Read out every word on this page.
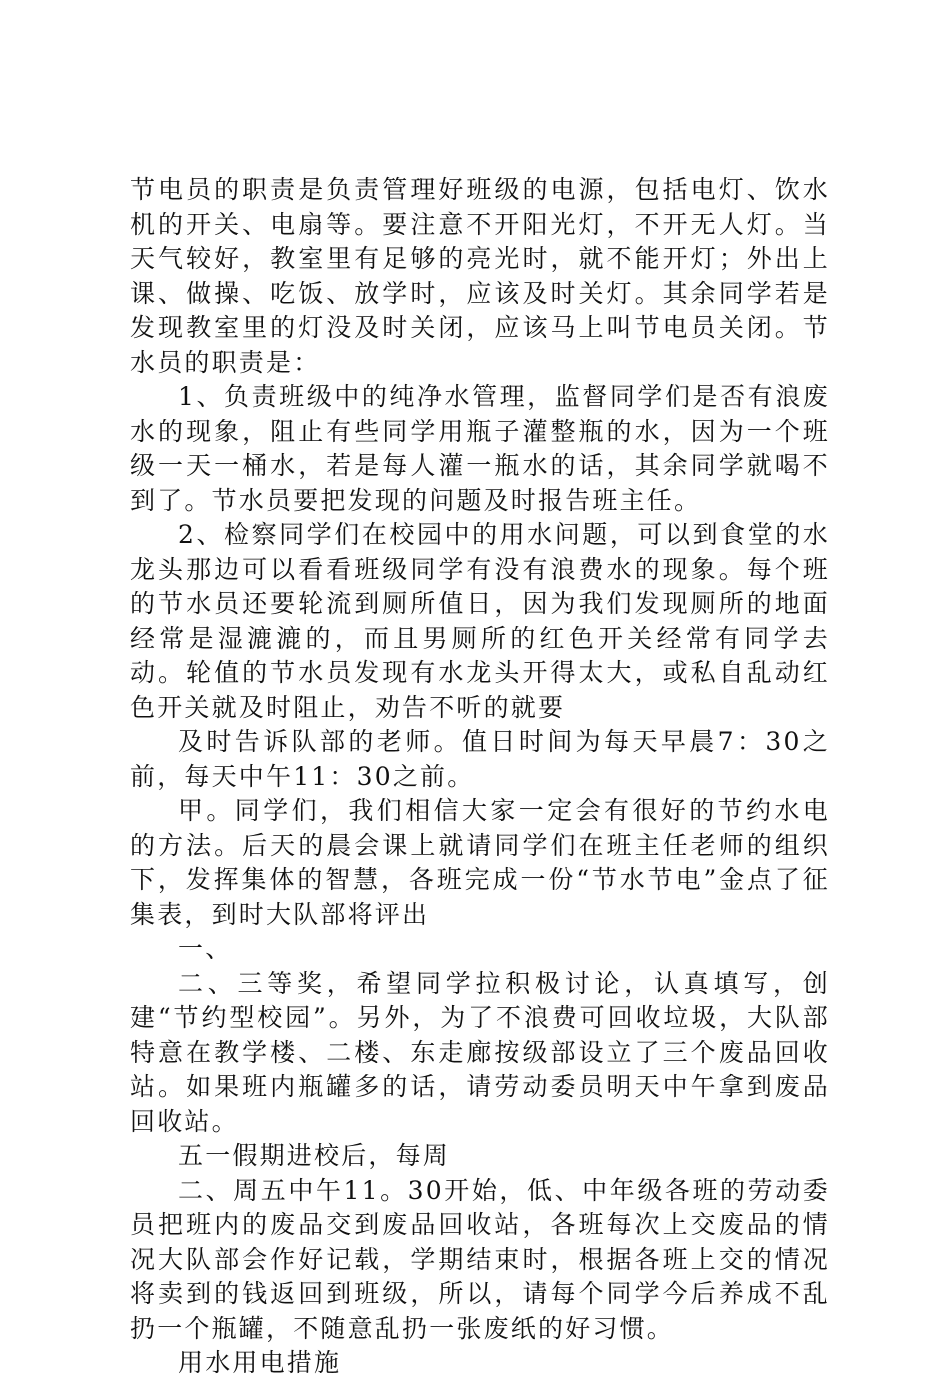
节电员的职责是负责管理好班级的电源，包括电灯、饮水机的开关、电扇等。要注意不开阳光灯，不开无人灯。当天气较好，教室里有足够的亮光时，就不能开灯；外出上课、做操、吃饭、放学时，应该及时关灯。其余同学若是发现教室里的灯没及时关闭，应该马上叫节电员关闭。节水员的职责是：

1、负责班级中的纯净水管理，监督同学们是否有浪废水的现象，阻止有些同学用瓶子灌整瓶的水，因为一个班级一天一桶水，若是每人灌一瓶水的话，其余同学就喝不到了。节水员要把发现的问题及时报告班主任。

2、检察同学们在校园中的用水问题，可以到食堂的水龙头那边可以看看班级同学有没有浪费水的现象。每个班的节水员还要轮流到厕所值日，因为我们发现厕所的地面经常是湿漉漉的，而且男厕所的红色开关经常有同学去动。轮值的节水员发现有水龙头开得太大，或私自乱动红色开关就及时阻止，劝告不听的就要

及时告诉队部的老师。值日时间为每天早晨7：30之前，每天中午11：30之前。

甲。同学们，我们相信大家一定会有很好的节约水电的方法。后天的晨会课上就请同学们在班主任老师的组织下，发挥集体的智慧，各班完成一份“节水节电”金点了征集表，到时大队部将评出

一、

二、三等奖，希望同学拉积极讨论，认真填写，创建“节约型校园”。另外，为了不浪费可回收垃圾，大队部特意在教学楼、二楼、东走廊按级部设立了三个废品回收站。如果班内瓶罐多的话，请劳动委员明天中午拿到废品回收站。

五一假期进校后，每周

二、周五中午11。30开始，低、中年级各班的劳动委员把班内的废品交到废品回收站，各班每次上交废品的情况大队部会作好记载，学期结束时，根据各班上交的情况将卖到的钱返回到班级，所以，请每个同学今后养成不乱扔一个瓶罐，不随意乱扔一张废纸的好习惯。

用水用电措施
